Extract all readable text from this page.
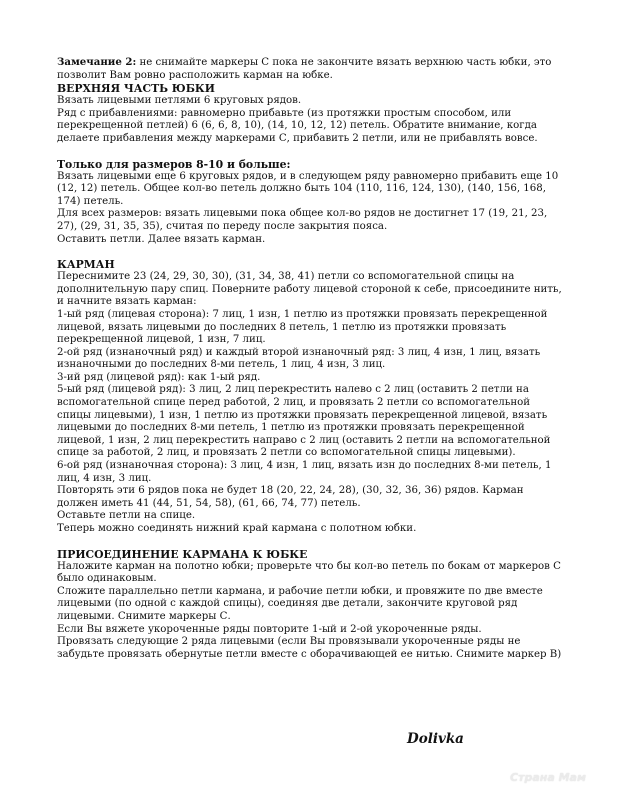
Замечание 2: не снимайте маркеры С пока не закончите вязать верхнюю часть юбки, это позволит Вам ровно расположить карман на юбке.

ВЕРХНЯЯ ЧАСТЬ ЮБКИ

Вязать лицевыми петлями 6 круговых рядов.

Ряд с прибавлениями: равномерно прибавьте (из протяжки простым способом, или перекрещенной петлей) 6 (6, 6, 8, 10), (14, 10, 12, 12) петель. Обратите внимание, когда делаете прибавления между маркерами С, прибавить 2 петли, или не прибавлять вовсе.

Только для размеров 8-10 и больше:

Вязать лицевыми еще 6 круговых рядов, и в следующем ряду равномерно прибавить еще 10 (12, 12) петель. Общее кол-во петель должно быть 104 (110, 116, 124, 130), (140, 156, 168, 174) петель.

Для всех размеров: вязать лицевыми пока общее кол-во рядов не достигнет 17 (19, 21, 23, 27), (29, 31, 35, 35), считая по переду после закрытия пояса.

Оставить петли. Далее вязать карман.

КАРМАН

Переснимите 23 (24, 29, 30, 30), (31, 34, 38, 41) петли со вспомогательной спицы на дополнительную пару спиц. Поверните работу лицевой стороной к себе, присоедините нить, и начните вязать карман:

1-ый ряд (лицевая сторона): 7 лиц, 1 изн, 1 петлю из протяжки провязать перекрещенной лицевой, вязать лицевыми до последних 8 петель, 1 петлю из протяжки провязать перекрещенной лицевой, 1 изн, 7 лиц.

2-ой ряд (изнаночный ряд) и каждый второй изнаночный ряд: 3 лиц, 4 изн, 1 лиц, вязать изнаночными до последних 8-ми петель, 1 лиц, 4 изн, 3 лиц.

3-ий ряд (лицевой ряд): как 1-ый ряд.

5-ый ряд (лицевой ряд): 3 лиц, 2 лиц перекрестить налево с 2 лиц (оставить 2 петли на вспомогательной спице перед работой, 2 лиц, и провязать 2 петли со вспомогательной спицы лицевыми), 1 изн, 1 петлю из протяжки провязать перекрещенной лицевой, вязать лицевыми до последних 8-ми петель, 1 петлю из протяжки провязать перекрещенной лицевой, 1 изн, 2 лиц перекрестить направо с 2 лиц (оставить 2 петли на вспомогательной спице за работой, 2 лиц, и провязать 2 петли со вспомогательной спицы лицевыми).

6-ой ряд (изнаночная сторона): 3 лиц, 4 изн, 1 лиц, вязать изн до последних 8-ми петель, 1 лиц, 4 изн, 3 лиц.

Повторять эти 6 рядов пока не будет 18 (20, 22, 24, 28), (30, 32, 36, 36) рядов. Карман должен иметь 41 (44, 51, 54, 58), (61, 66, 74, 77) петель.

Оставьте петли на спице.

Теперь можно соединять нижний край кармана с полотном юбки.

ПРИСОЕДИНЕНИЕ КАРМАНА К ЮБКЕ

Наложите карман на полотно юбки; проверьте что бы кол-во петель по бокам от маркеров С было одинаковым.

Сложите параллельно петли кармана, и рабочие петли юбки, и провяжите по две вместе лицевыми (по одной с каждой спицы), соединяя две детали, закончите круговой ряд лицевыми. Снимите маркеры С.

Если Вы вяжете укороченные ряды повторите 1-ый и 2-ой укороченные ряды.

Провязать следующие 2 ряда лицевыми (если Вы провязывали укороченные ряды не забудьте провязать обернутые петли вместе с оборачивающей ее нитью. Снимите маркер В)

Dolivka
Страна Мам
